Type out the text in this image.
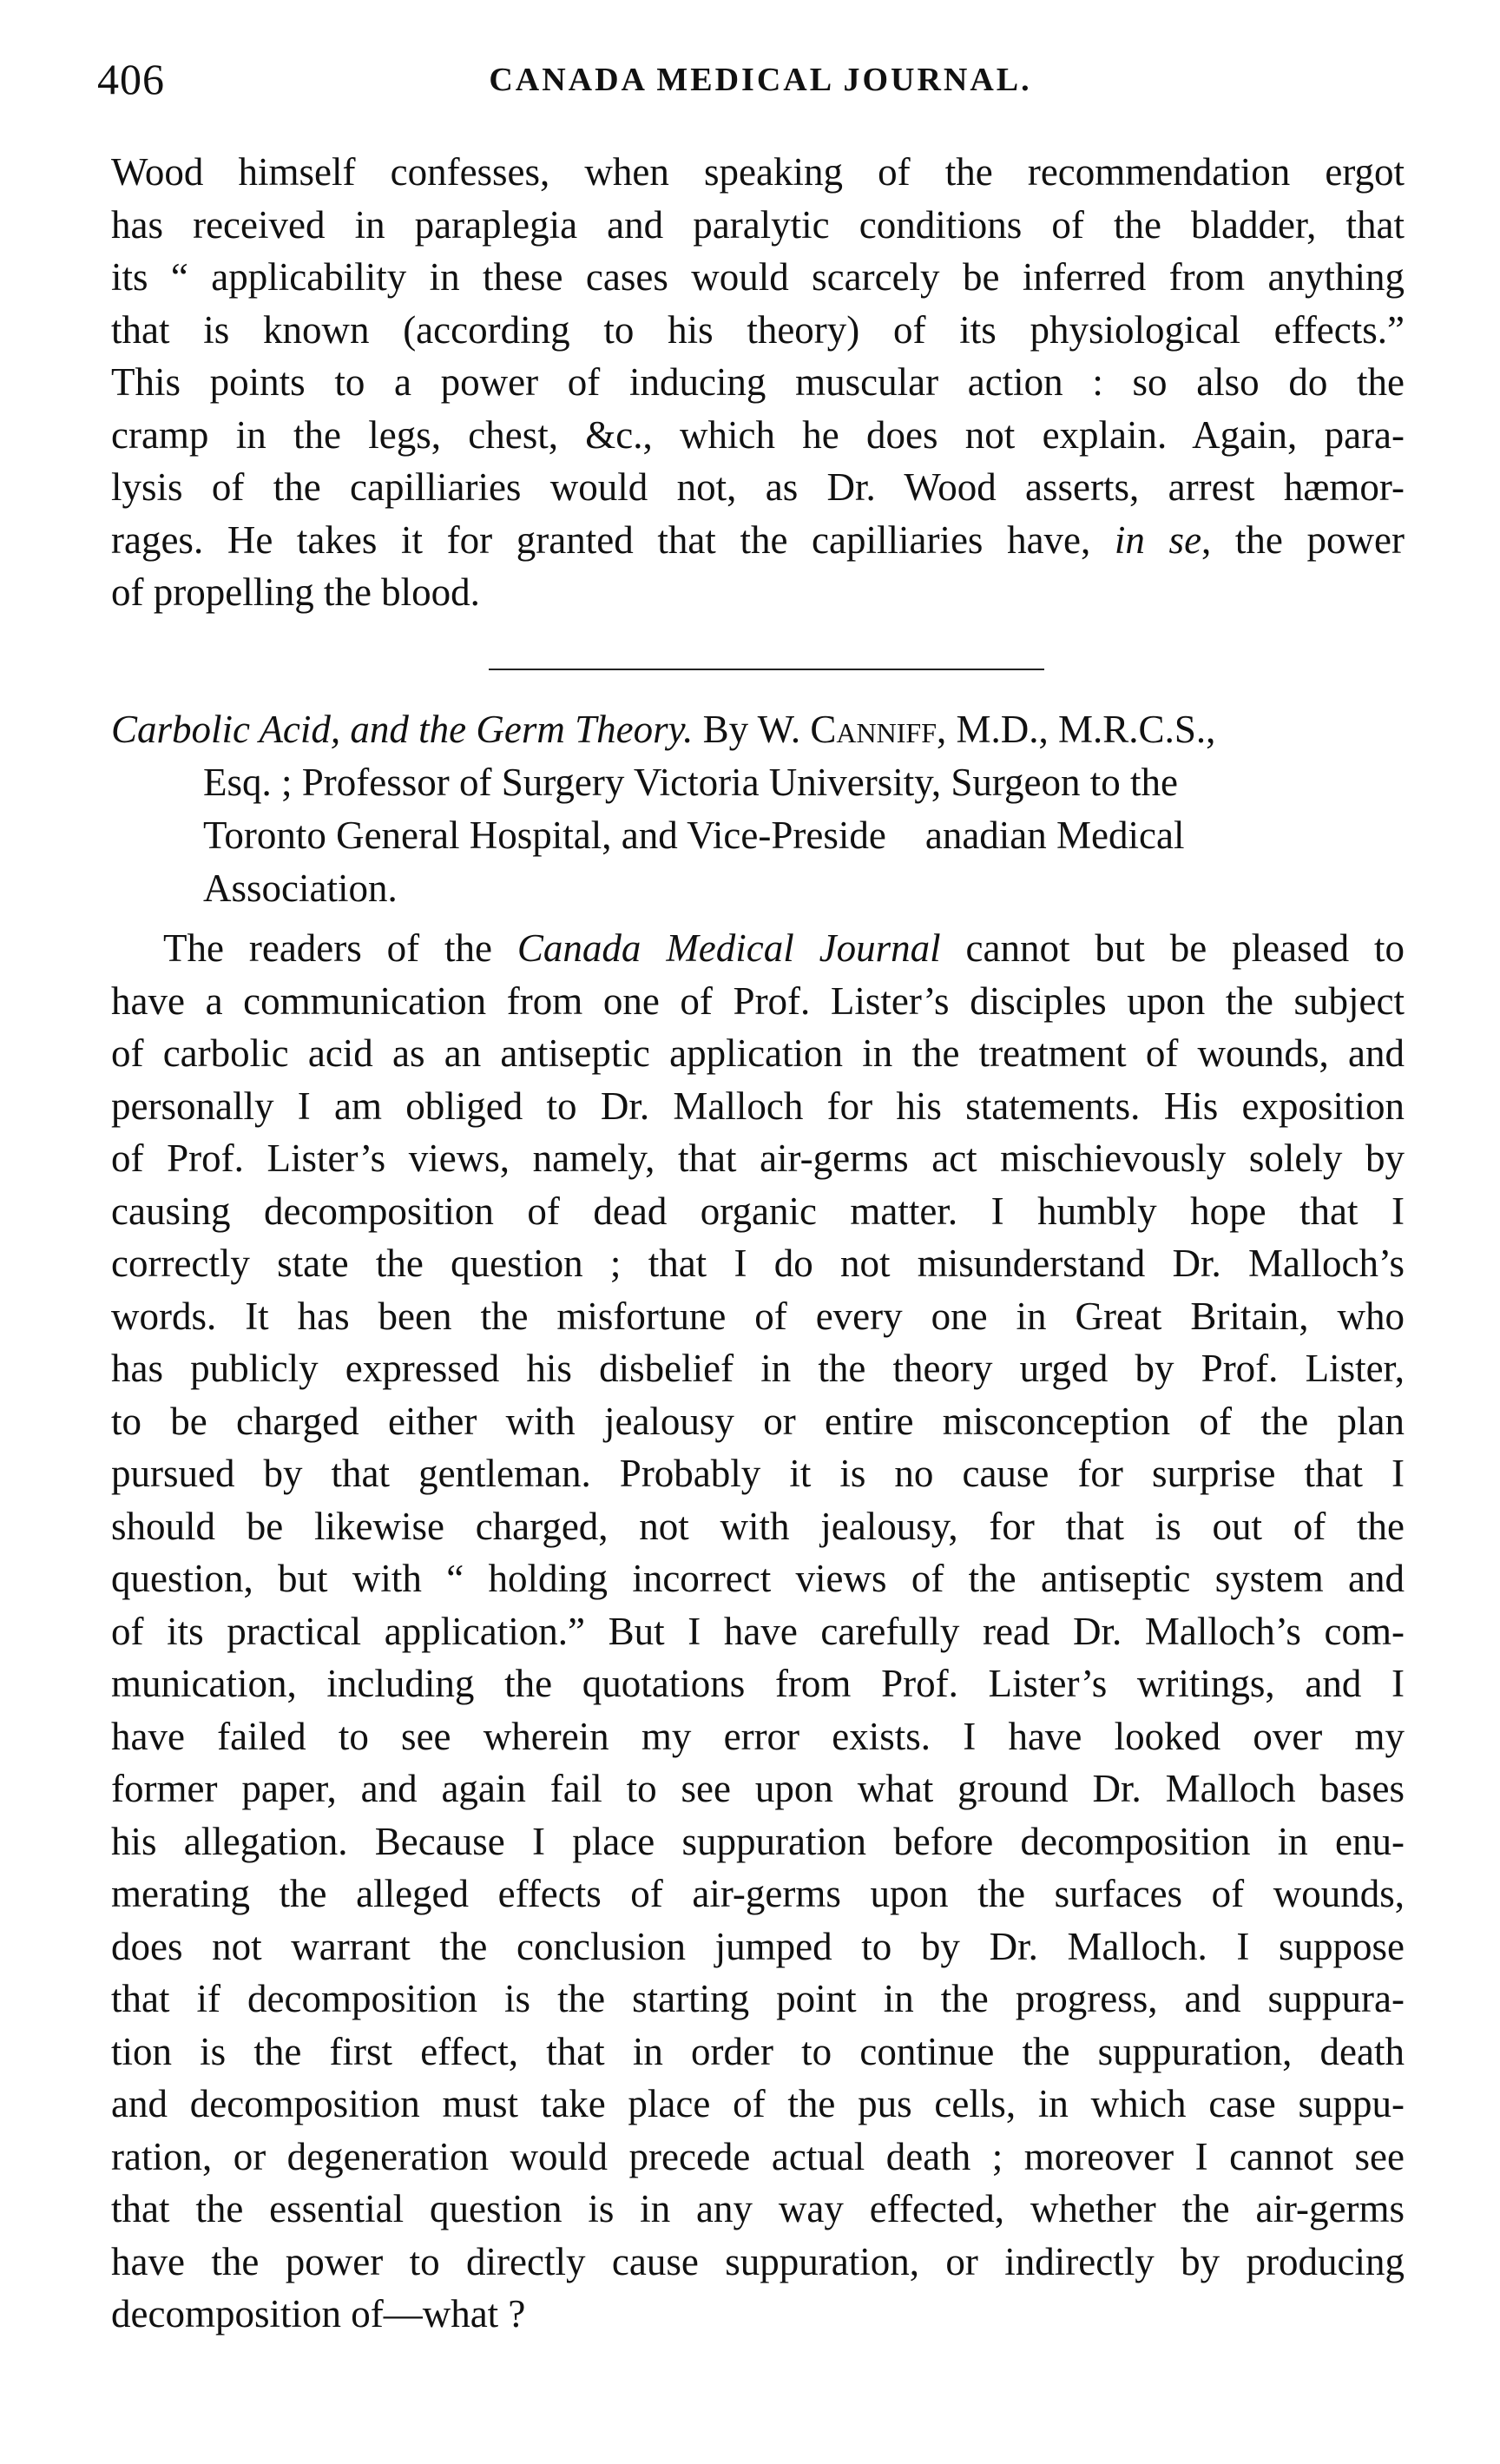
406	CANADA MEDICAL JOURNAL.
Wood himself confesses, when speaking of the recommendation ergot
has received in paraplegia and paralytic conditions of the bladder, that
its “ applicability in these cases would scarcely be inferred from anything
that is known (according to his theory) of its physiological effects.”
This points to a power of inducing muscular action : so also do the
cramp in the legs, chest, &c., which he does not explain. Again, para-
lysis of the capilliaries would not, as Dr. Wood asserts, arrest hæmor-
rages. He takes it for granted that the capilliaries have, in se, the power
of propelling the blood.
Carbolic Acid, and the Germ Theory. By W. Canniff, M.D., M.R.C.S.,
Esq. ; Professor of Surgery Victoria University, Surgeon to the
Toronto General Hospital, and Vice-Preside    anadian Medical
Association.
The readers of the Canada Medical Journal cannot but be pleased to
have a communication from one of Prof. Lister’s disciples upon the subject
of carbolic acid as an antiseptic application in the treatment of wounds, and
personally I am obliged to Dr. Malloch for his statements. His exposition
of Prof. Lister’s views, namely, that air-germs act mischievously solely by
causing decomposition of dead organic matter. I humbly hope that I
correctly state the question ; that I do not misunderstand Dr. Malloch’s
words. It has been the misfortune of every one in Great Britain, who
has publicly expressed his disbelief in the theory urged by Prof. Lister,
to be charged either with jealousy or entire misconception of the plan
pursued by that gentleman. Probably it is no cause for surprise that I
should be likewise charged, not with jealousy, for that is out of the
question, but with “ holding incorrect views of the antiseptic system and
of its practical application.” But I have carefully read Dr. Malloch’s com-
munication, including the quotations from Prof. Lister’s writings, and I
have failed to see wherein my error exists. I have looked over my
former paper, and again fail to see upon what ground Dr. Malloch bases
his allegation. Because I place suppuration before decomposition in enu-
merating the alleged effects of air-germs upon the surfaces of wounds,
does not warrant the conclusion jumped to by Dr. Malloch. I suppose
that if decomposition is the starting point in the progress, and suppura-
tion is the first effect, that in order to continue the suppuration, death
and decomposition must take place of the pus cells, in which case suppu-
ration, or degeneration would precede actual death ; moreover I cannot see
that the essential question is in any way effected, whether the air-germs
have the power to directly cause suppuration, or indirectly by producing
decomposition of—what ?
